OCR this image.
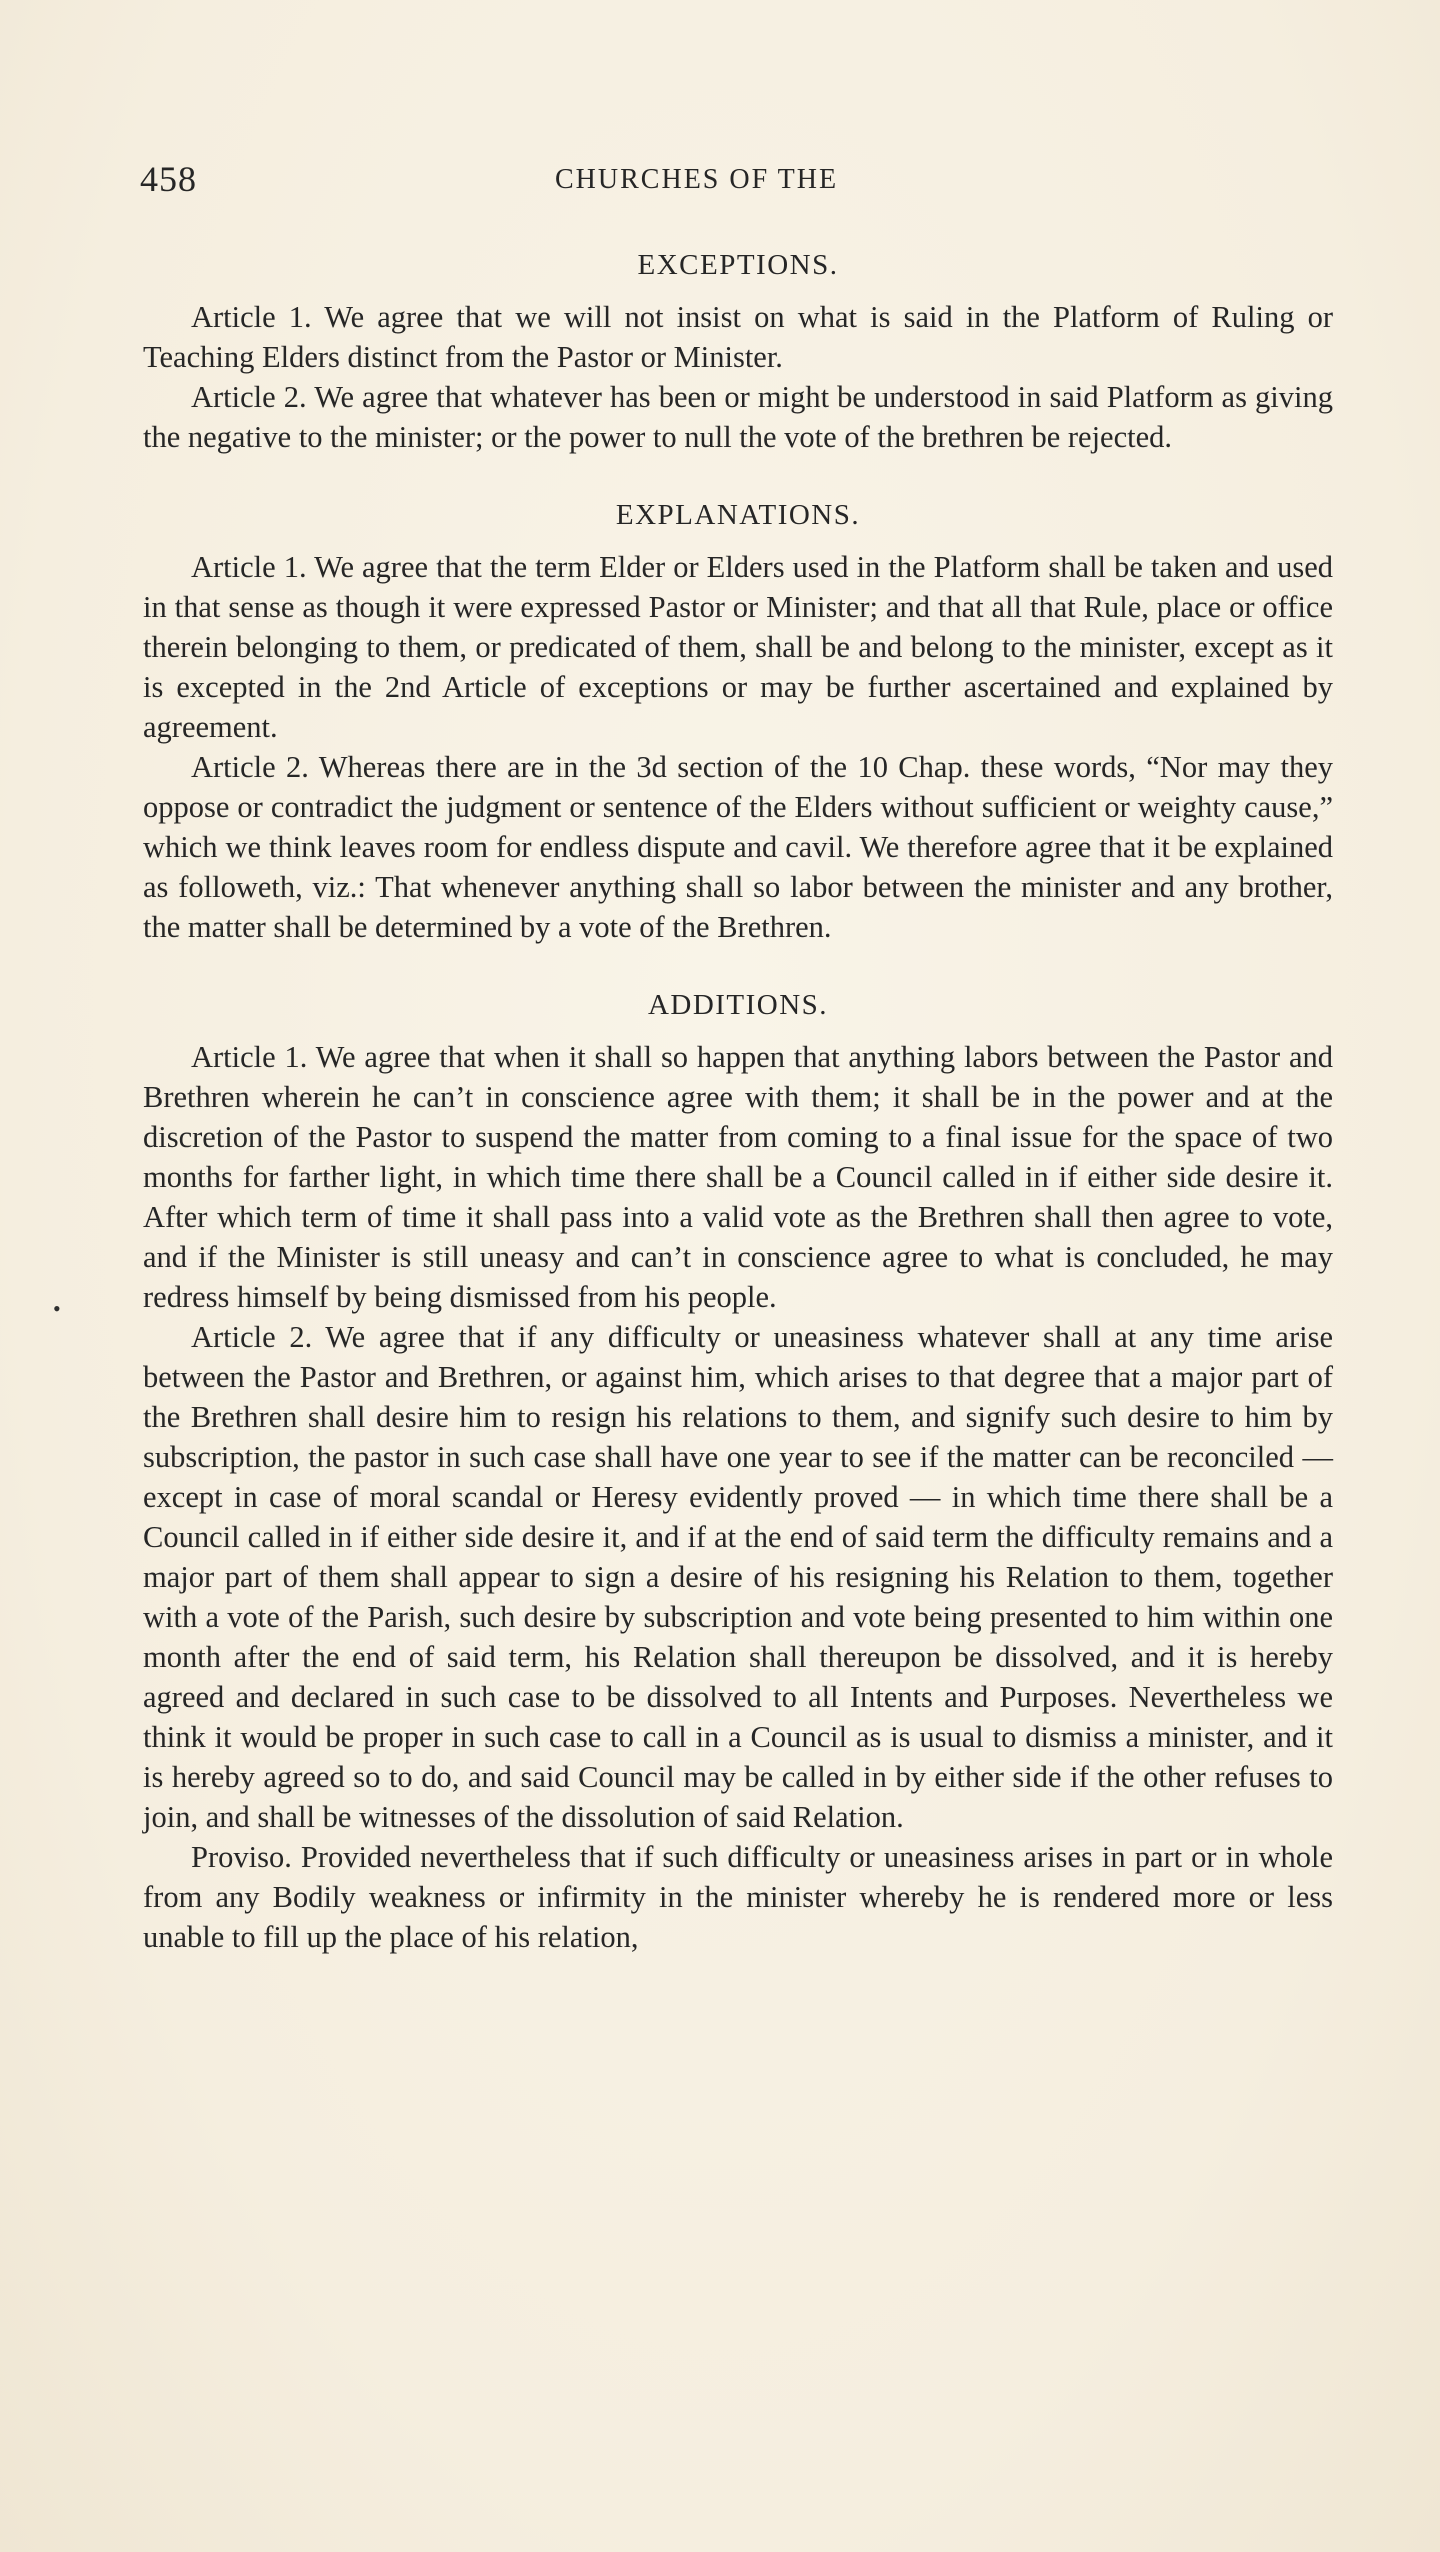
458	CHURCHES OF THE
•
EXCEPTIONS.

Article 1. We agree that we will not insist on what is said in the Platform of Ruling or Teaching Elders distinct from the Pastor or Minister.

Article 2. We agree that whatever has been or might be understood in said Platform as giving the negative to the minister; or the power to null the vote of the brethren be rejected.

EXPLANATIONS.

Article 1. We agree that the term Elder or Elders used in the Platform shall be taken and used in that sense as though it were expressed Pastor or Minister; and that all that Rule, place or office therein belonging to them, or predicated of them, shall be and belong to the minister, except as it is excepted in the 2nd Article of exceptions or may be further ascertained and explained by agreement.

Article 2. Whereas there are in the 3d section of the 10 Chap. these words, “Nor may they oppose or contradict the judgment or sentence of the Elders without sufficient or weighty cause,” which we think leaves room for endless dispute and cavil. We therefore agree that it be explained as followeth, viz.: That whenever anything shall so labor between the minister and any brother, the matter shall be determined by a vote of the Brethren.

ADDITIONS.

Article 1. We agree that when it shall so happen that anything labors between the Pastor and Brethren wherein he can’t in conscience agree with them; it shall be in the power and at the discretion of the Pastor to suspend the matter from coming to a final issue for the space of two months for farther light, in which time there shall be a Council called in if either side desire it. After which term of time it shall pass into a valid vote as the Brethren shall then agree to vote, and if the Minister is still uneasy and can’t in conscience agree to what is concluded, he may redress himself by being dismissed from his people.

Article 2. We agree that if any difficulty or uneasiness whatever shall at any time arise between the Pastor and Brethren, or against him, which arises to that degree that a major part of the Brethren shall desire him to resign his relations to them, and signify such desire to him by subscription, the pastor in such case shall have one year to see if the matter can be reconciled — except in case of moral scandal or Heresy evidently proved — in which time there shall be a Council called in if either side desire it, and if at the end of said term the difficulty remains and a major part of them shall appear to sign a desire of his resigning his Relation to them, together with a vote of the Parish, such desire by subscription and vote being presented to him within one month after the end of said term, his Relation shall thereupon be dissolved, and it is hereby agreed and declared in such case to be dissolved to all Intents and Purposes. Nevertheless we think it would be proper in such case to call in a Council as is usual to dismiss a minister, and it is hereby agreed so to do, and said Council may be called in by either side if the other refuses to join, and shall be witnesses of the dissolution of said Relation.

Proviso. Provided nevertheless that if such difficulty or uneasiness arises in part or in whole from any Bodily weakness or infirmity in the minister whereby he is rendered more or less unable to fill up the place of his relation,
